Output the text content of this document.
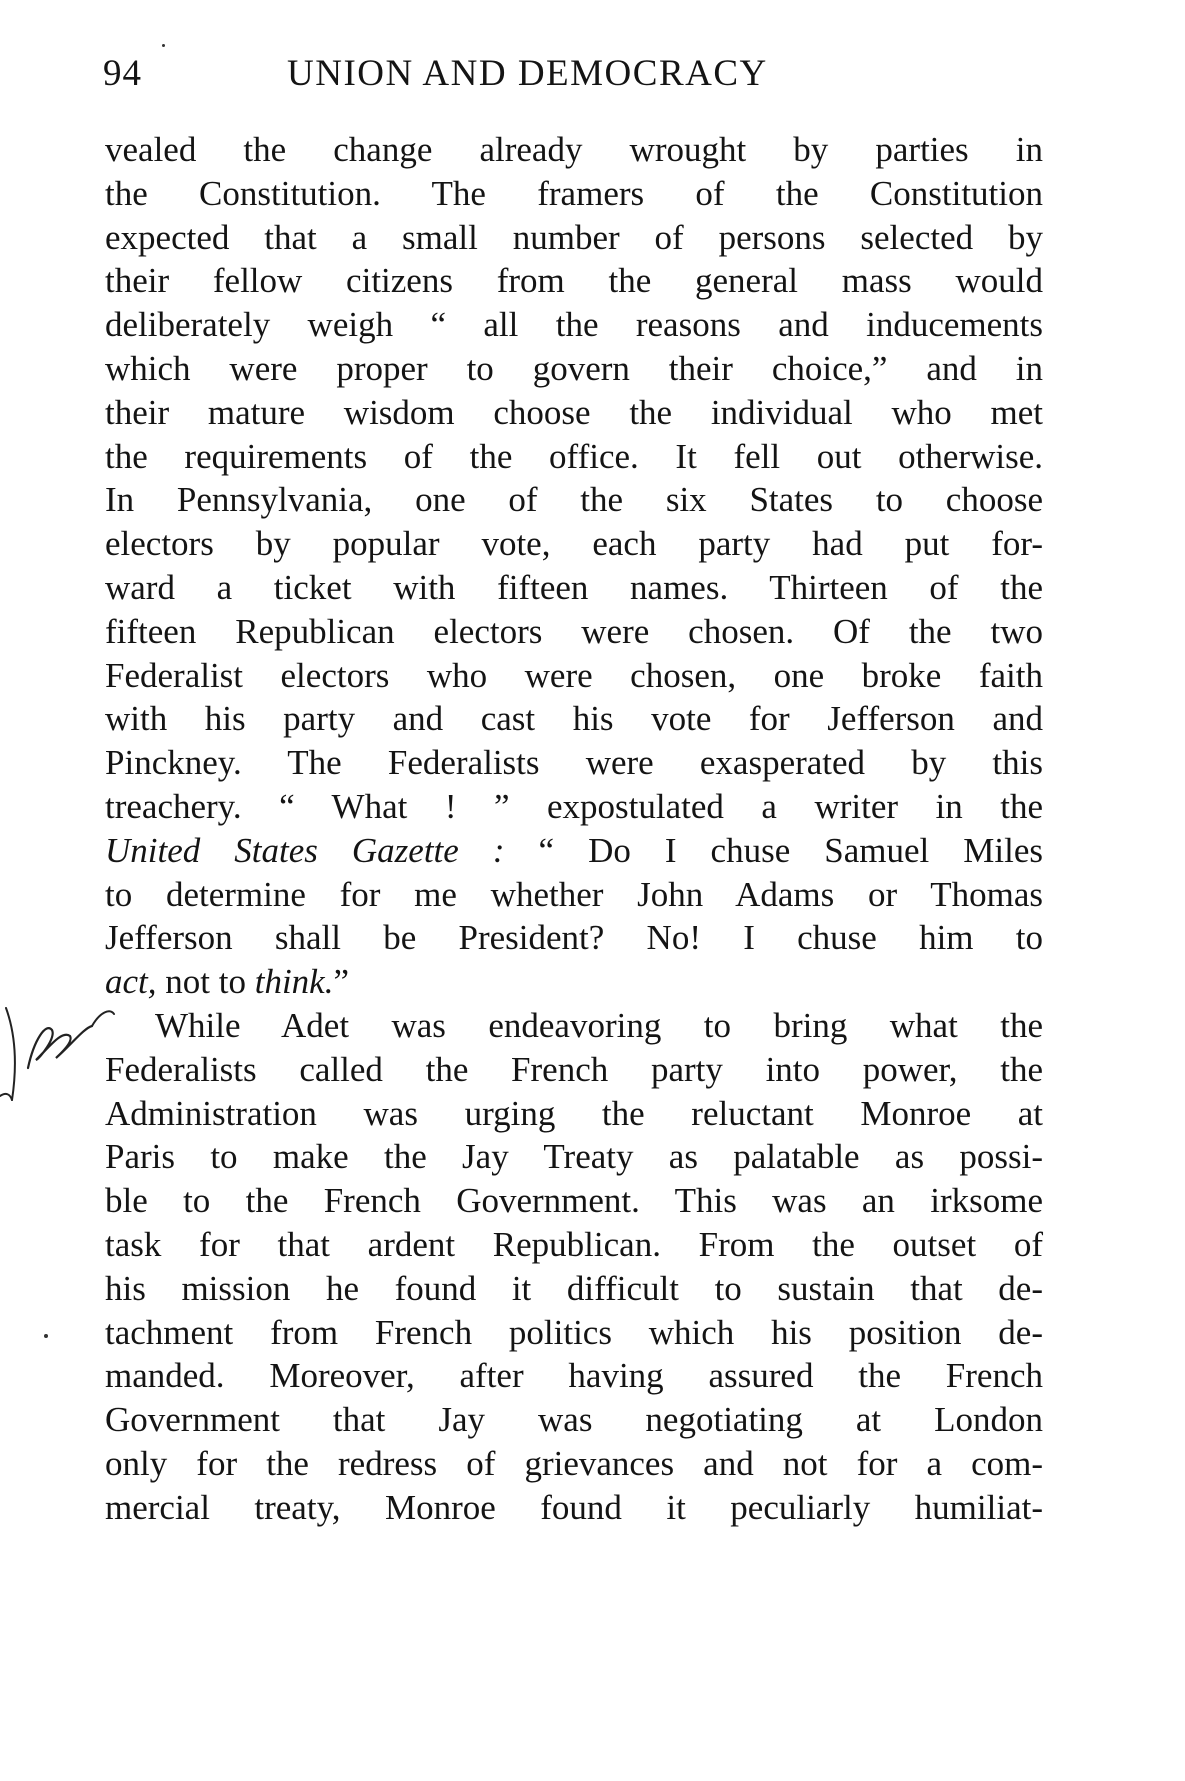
94	UNION AND DEMOCRACY
vealed the change already wrought by parties in
the Constitution. The framers of the Constitution
expected that a small number of persons selected by
their fellow citizens from the general mass would
deliberately weigh “ all the reasons and inducements
which were proper to govern their choice,” and in
their mature wisdom choose the individual who met
the requirements of the office. It fell out otherwise.
In Pennsylvania, one of the six States to choose
electors by popular vote, each party had put for-
ward a ticket with fifteen names. Thirteen of the
fifteen Republican electors were chosen. Of the two
Federalist electors who were chosen, one broke faith
with his party and cast his vote for Jefferson and
Pinckney. The Federalists were exasperated by this
treachery. “ What ! ” expostulated a writer in the
United States Gazette : “ Do I chuse Samuel Miles
to determine for me whether John Adams or Thomas
Jefferson shall be President? No! I chuse him to
act, not to think.”
While Adet was endeavoring to bring what the
Federalists called the French party into power, the
Administration was urging the reluctant Monroe at
Paris to make the Jay Treaty as palatable as possi-
ble to the French Government. This was an irksome
task for that ardent Republican. From the outset of
his mission he found it difficult to sustain that de-
tachment from French politics which his position de-
manded. Moreover, after having assured the French
Government that Jay was negotiating at London
only for the redress of grievances and not for a com-
mercial treaty, Monroe found it peculiarly humiliat-
